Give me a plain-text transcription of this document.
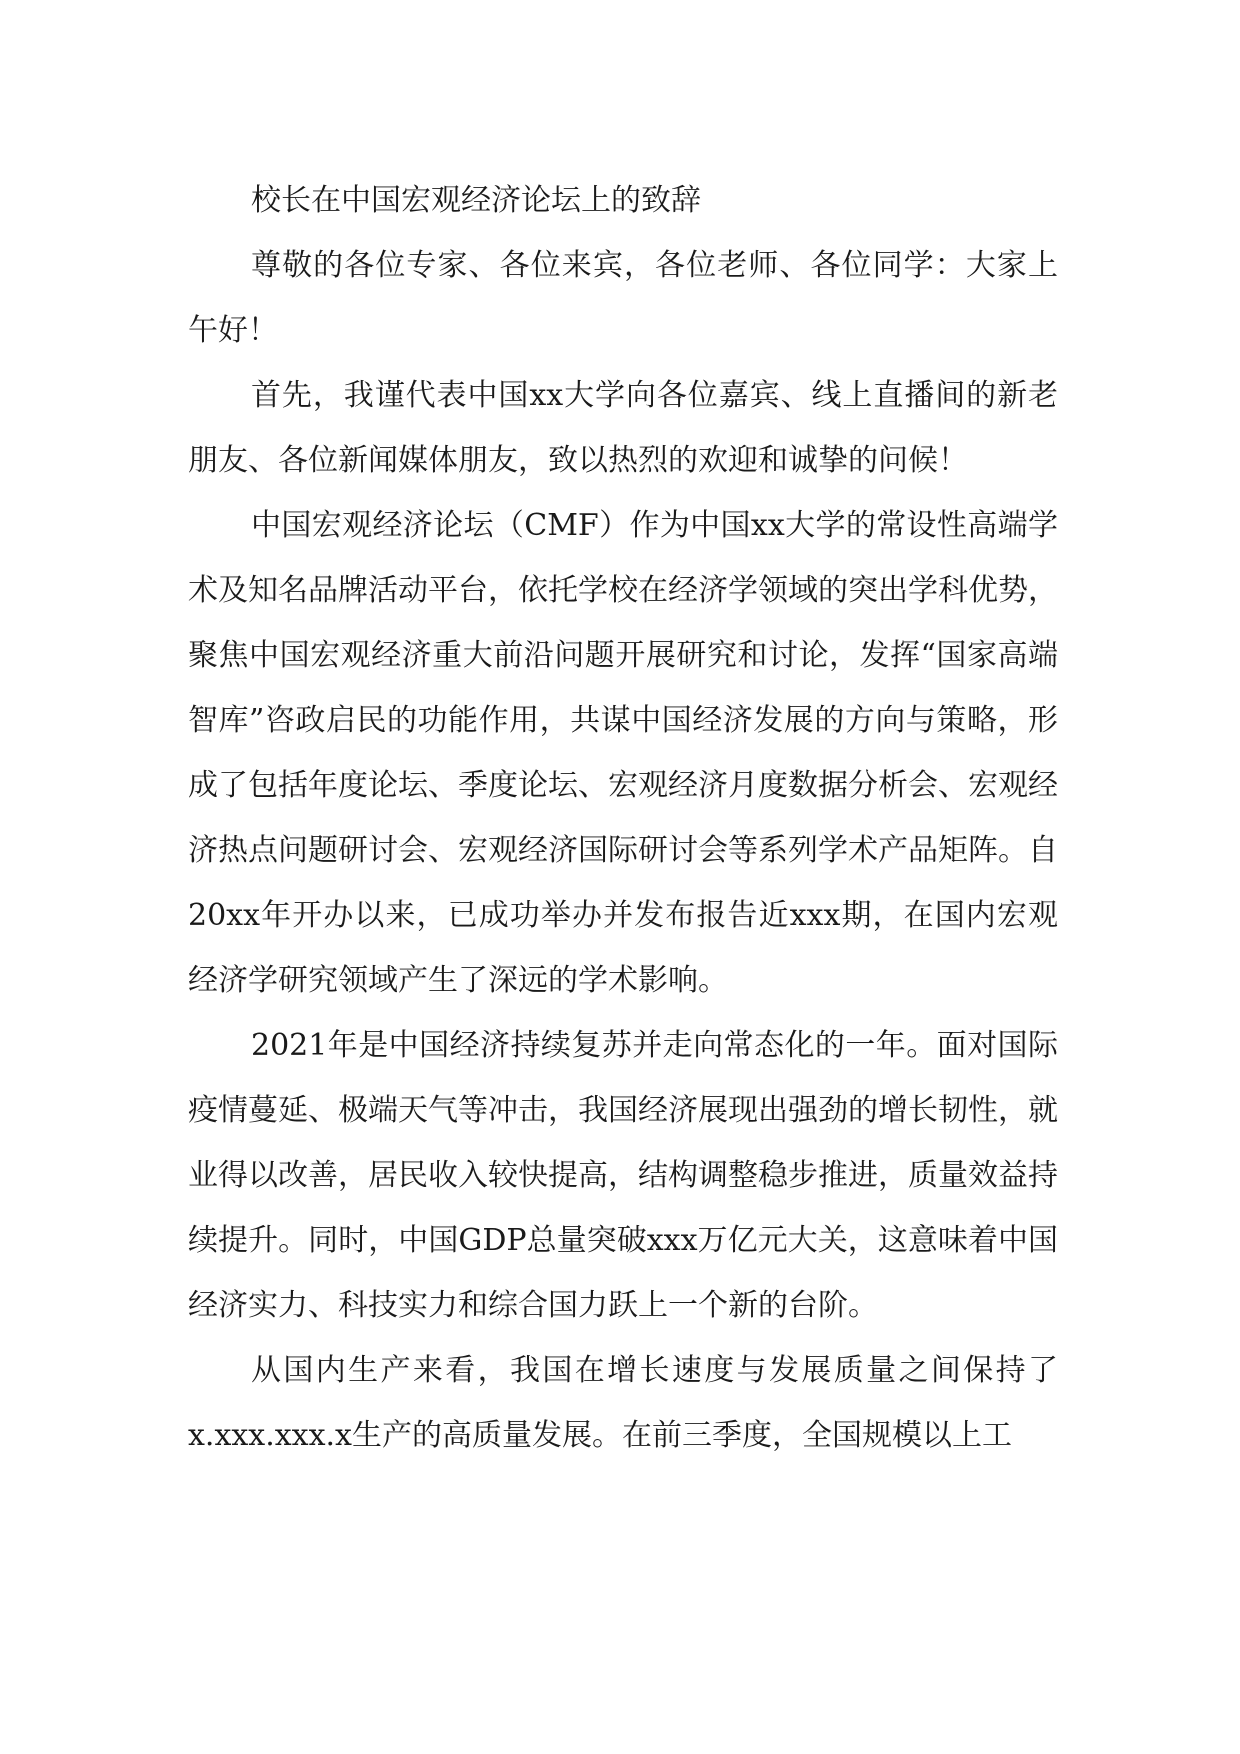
校长在中国宏观经济论坛上的致辞

尊敬的各位专家、各位来宾，各位老师、各位同学：大家上午好！

首先，我谨代表中国xx大学向各位嘉宾、线上直播间的新老朋友、各位新闻媒体朋友，致以热烈的欢迎和诚挚的问候！

中国宏观经济论坛（CMF）作为中国xx大学的常设性高端学术及知名品牌活动平台，依托学校在经济学领域的突出学科优势，聚焦中国宏观经济重大前沿问题开展研究和讨论，发挥“国家高端智库”咨政启民的功能作用，共谋中国经济发展的方向与策略，形成了包括年度论坛、季度论坛、宏观经济月度数据分析会、宏观经济热点问题研讨会、宏观经济国际研讨会等系列学术产品矩阵。自20xx年开办以来，已成功举办并发布报告近xxx期，在国内宏观经济学研究领域产生了深远的学术影响。

2021年是中国经济持续复苏并走向常态化的一年。面对国际疫情蔓延、极端天气等冲击，我国经济展现出强劲的增长韧性，就业得以改善，居民收入较快提高，结构调整稳步推进，质量效益持续提升。同时，中国GDP总量突破xxx万亿元大关，这意味着中国经济实力、科技实力和综合国力跃上一个新的台阶。

从国内生产来看，我国在增长速度与发展质量之间保持了x.xxx.xxx.x生产的高质量发展。在前三季度，全国规模以上工
